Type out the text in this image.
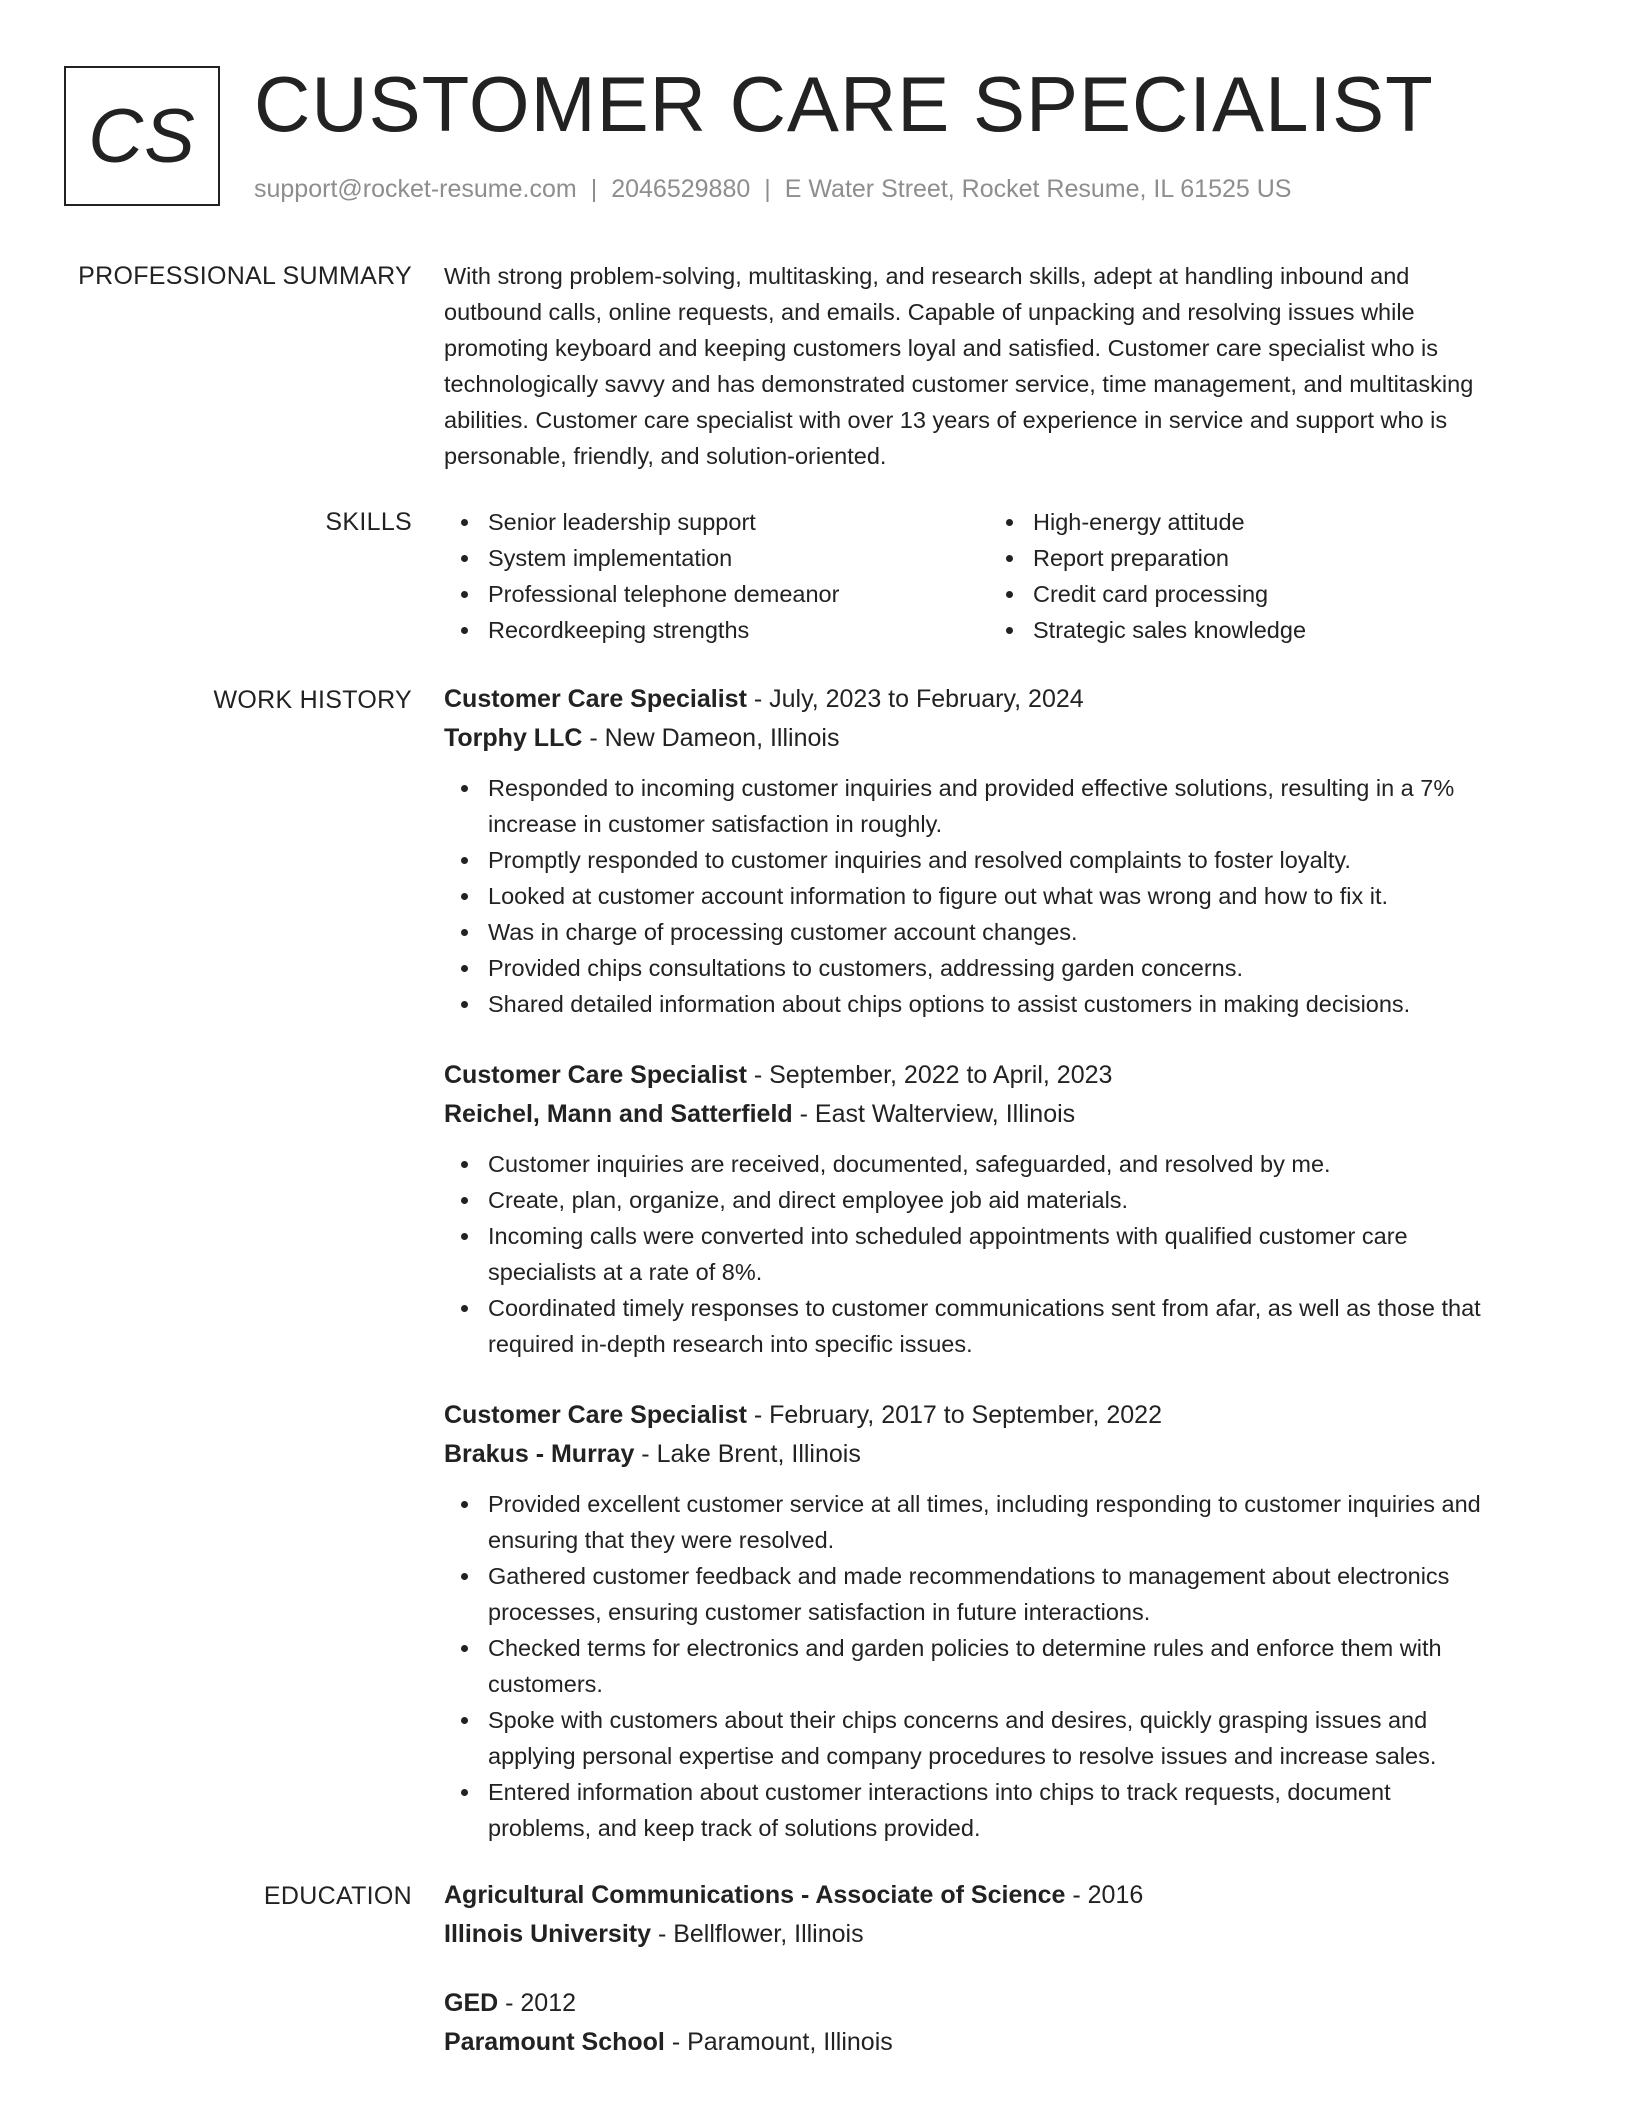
CS CUSTOMER CARE SPECIALIST
support@rocket-resume.com | 2046529880 | E Water Street, Rocket Resume, IL 61525 US
PROFESSIONAL SUMMARY With strong problem-solving, multitasking, and research skills, adept at handling inbound and
outbound calls, online requests, and emails. Capable of unpacking and resolving issues while
promoting keyboard and keeping customers loyal and satisfied. Customer care specialist who is
technologically savvy and has demonstrated customer service, time management, and multitasking
abilities. Customer care specialist with over 13 years of experience in service and support who is
personable, friendly, and solution-oriented.
SKILLS	Senior leadership support
System implementation
Professional telephone demeanor
Recordkeeping strengths
High-energy attitude
Report preparation
Credit card processing
Strategic sales knowledge
WORK HISTORY Customer Care Specialist - July, 2023 to February, 2024
Torphy LLC - New Dameon, Illinois
Responded to incoming customer inquiries and provided effective solutions, resulting in a 7%
increase in customer satisfaction in roughly.
Promptly responded to customer inquiries and resolved complaints to foster loyalty.
Looked at customer account information to figure out what was wrong and how to fix it.
Was in charge of processing customer account changes.
Provided chips consultations to customers, addressing garden concerns.
Shared detailed information about chips options to assist customers in making decisions.
Customer Care Specialist - September, 2022 to April, 2023
Reichel, Mann and Satterfield - East Walterview, Illinois
Customer inquiries are received, documented, safeguarded, and resolved by me.
Create, plan, organize, and direct employee job aid materials.
Incoming calls were converted into scheduled appointments with qualified customer care
specialists at a rate of 8%.
Coordinated timely responses to customer communications sent from afar, as well as those that
required in-depth research into specific issues.
Customer Care Specialist - February, 2017 to September, 2022
Brakus - Murray - Lake Brent, Illinois
Provided excellent customer service at all times, including responding to customer inquiries and
ensuring that they were resolved.
Gathered customer feedback and made recommendations to management about electronics
processes, ensuring customer satisfaction in future interactions.
Checked terms for electronics and garden policies to determine rules and enforce them with
customers.
Spoke with customers about their chips concerns and desires, quickly grasping issues and
applying personal expertise and company procedures to resolve issues and increase sales.
Entered information about customer interactions into chips to track requests, document
problems, and keep track of solutions provided.
EDUCATION Agricultural Communications - Associate of Science - 2016
Illinois University - Bellflower, Illinois
GED - 2012
Paramount School - Paramount, Illinois
